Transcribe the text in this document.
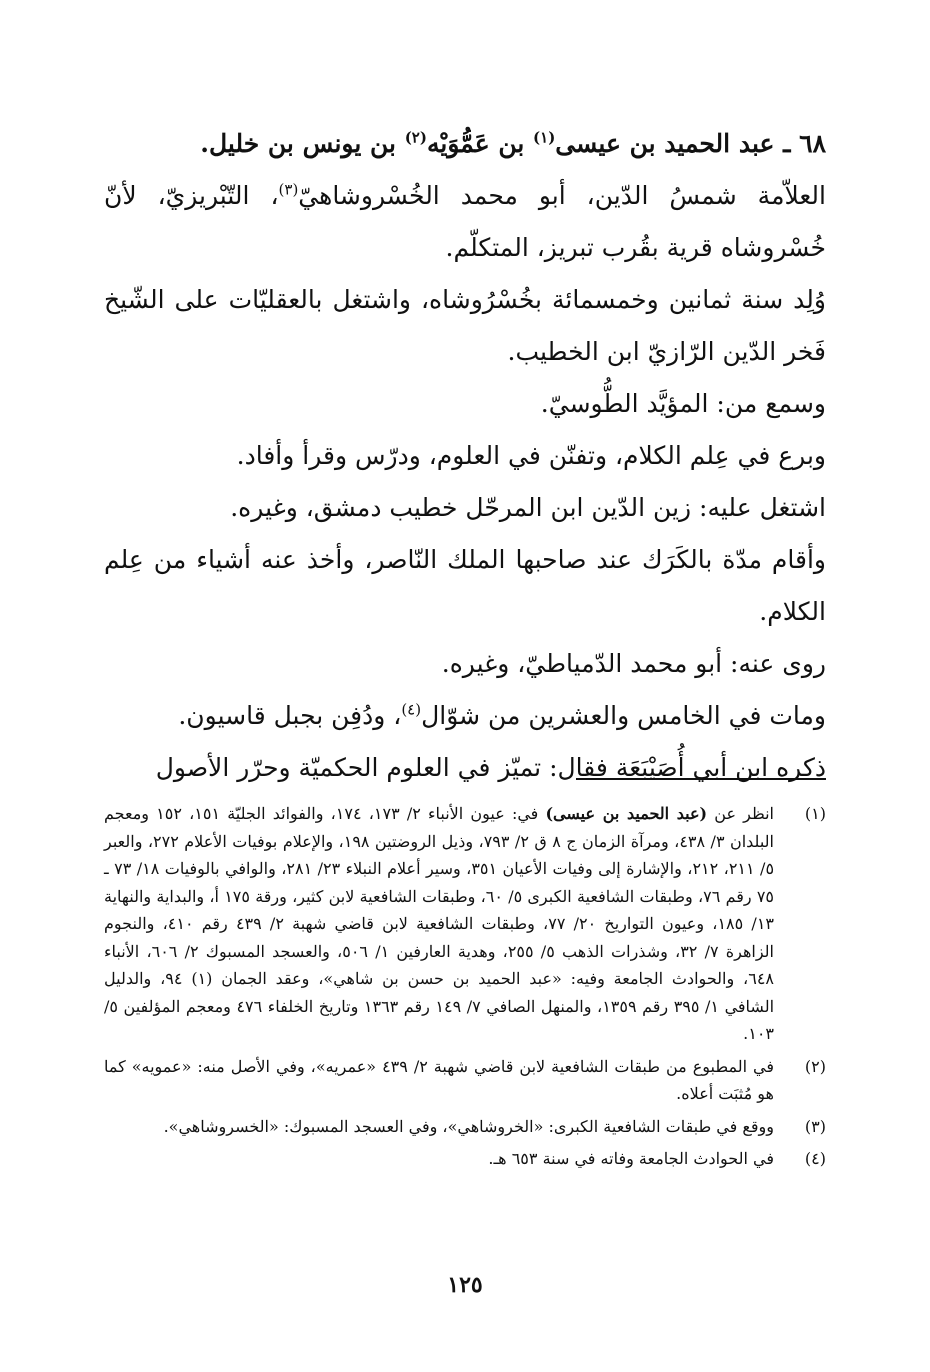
٦٨ ـ عبد الحميد بن عيسى$^{(١)}$ بن عَمُّوَيْه$^{(٢)}$ بن يونس بن خليل.

العلاّمة شمسُ الدّين، أبو محمد الخُسْروشاهيّ$^{(٣)}$، التّبْريزيّ، لأنّ خُسْروشاه قرية بقُرب تبريز، المتكلّم.

وُلِد سنة ثمانين وخمسمائة بخُسْرُوشاه، واشتغل بالعقليّات على الشّيخ فَخر الدّين الرّازيّ ابن الخطيب.

وسمع من: المؤيَّد الطُّوسيّ.

وبرع في عِلم الكلام، وتفنّن في العلوم، ودرّس وقرأ وأفاد.

اشتغل عليه: زين الدّين ابن المرحّل خطيب دمشق، وغيره.

وأقام مدّة بالكَرَك عند صاحبها الملك النّاصر، وأخذ عنه أشياء من عِلم الكلام.

روى عنه: أبو محمد الدّمياطيّ، وغيره.

ومات في الخامس والعشرين من شوّال$^{(٤)}$، ودُفِن بجبل قاسيون.

ذكره ابن أبي أُصَيْبَعَة فقال: تميّز في العلوم الحكميّة وحرّر الأصول

(١)
انظر عن (عبد الحميد بن عيسى) في: عيون الأنباء ٢/ ١٧٣، ١٧٤، والفوائد الجليّة ١٥١، ١٥٢ ومعجم البلدان ٣/ ٤٣٨، ومرآة الزمان ج ٨ ق ٢/ ٧٩٣، وذيل الروضتين ١٩٨، والإعلام بوفيات الأعلام ٢٧٢، والعبر ٥/ ٢١١، ٢١٢، والإشارة إلى وفيات الأعيان ٣٥١، وسير أعلام النبلاء ٢٣/ ٢٨١، والوافي بالوفيات ١٨/ ٧٣ ـ ٧٥ رقم ٧٦، وطبقات الشافعية الكبرى ٥/ ٦٠، وطبقات الشافعية لابن كثير، ورقة ١٧٥ أ، والبداية والنهاية ١٣/ ١٨٥، وعيون التواريخ ٢٠/ ٧٧، وطبقات الشافعية لابن قاضي شهبة ٢/ ٤٣٩ رقم ٤١٠، والنجوم الزاهرة ٧/ ٣٢، وشذرات الذهب ٥/ ٢٥٥، وهدية العارفين ١/ ٥٠٦، والعسجد المسبوك ٢/ ٦٠٦، الأنباء ٦٤٨، والحوادث الجامعة وفيه: «عبد الحميد بن حسن بن شاهي»، وعقد الجمان (١) ٩٤، والدليل الشافي ١/ ٣٩٥ رقم ١٣٥٩، والمنهل الصافي ٧/ ١٤٩ رقم ١٣٦٣ وتاريخ الخلفاء ٤٧٦ ومعجم المؤلفين ٥/ ١٠٣.
(٢)
في المطبوع من طبقات الشافعية لابن قاضي شهبة ٢/ ٤٣٩ «عمريه»، وفي الأصل منه: «عمويه» كما هو مُثبَت أعلاه.
(٣)
ووقع في طبقات الشافعية الكبرى: «الخروشاهي»، وفي العسجد المسبوك: «الخسروشاهي».
(٤)
في الحوادث الجامعة وفاته في سنة ٦٥٣ هـ.
١٢٥
